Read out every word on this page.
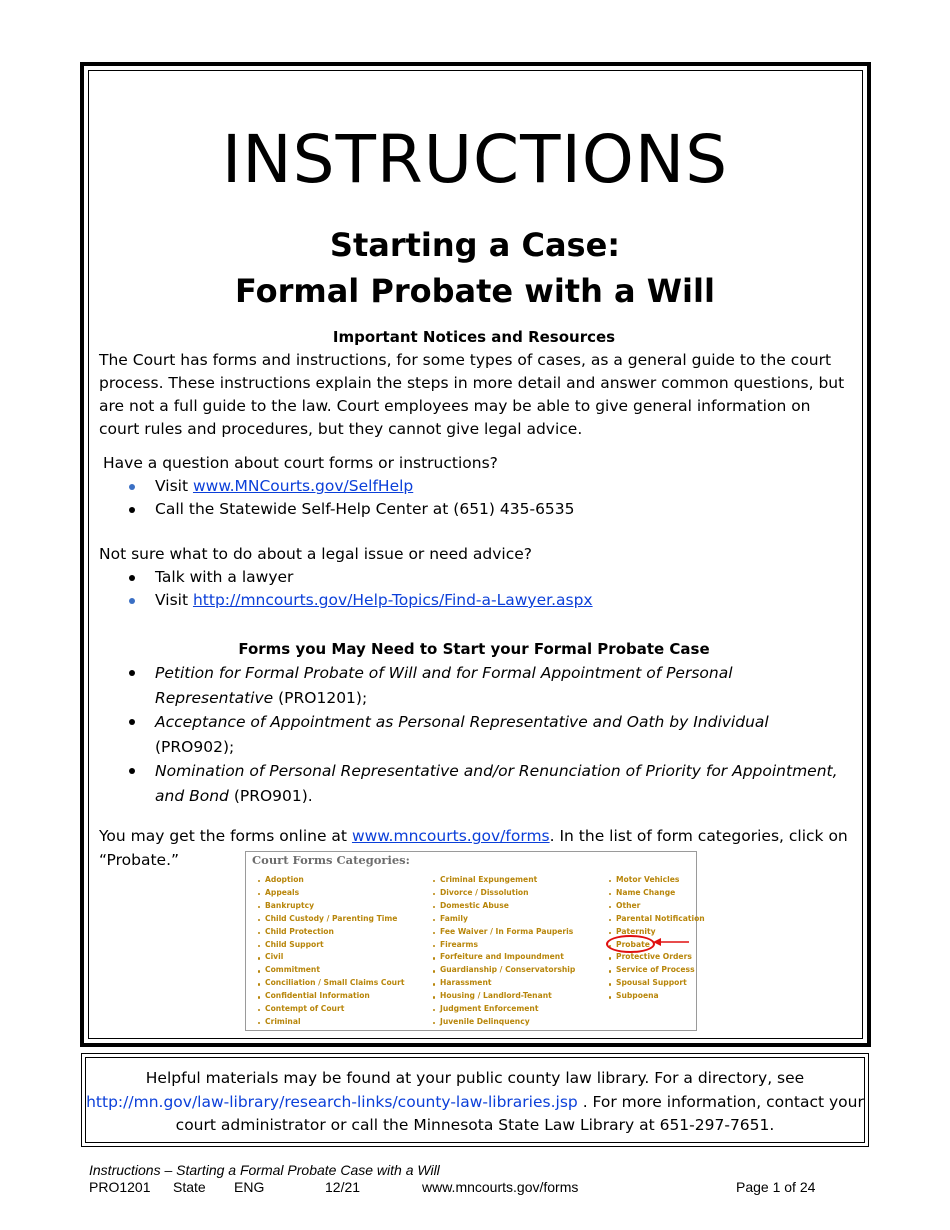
INSTRUCTIONS
Starting a Case:
Formal Probate with a Will
Important Notices and Resources

The Court has forms and instructions, for some types of cases, as a general guide to the court process. These instructions explain the steps in more detail and answer common questions, but are not a full guide to the law. Court employees may be able to give general information on court rules and procedures, but they cannot give legal advice.

Have a question about court forms or instructions?

Visit www.MNCourts.gov/SelfHelp
Call the Statewide Self-Help Center at (651) 435-6535

Not sure what to do about a legal issue or need advice?

Talk with a lawyer
Visit http://mncourts.gov/Help-Topics/Find-a-Lawyer.aspx
Forms you May Need to Start your Formal Probate Case
Petition for Formal Probate of Will and for Formal Appointment of Personal Representative (PRO1201);
Acceptance of Appointment as Personal Representative and Oath by Individual (PRO902);
Nomination of Personal Representative and/or Renunciation of Priority for Appointment, and Bond (PRO901).

You may get the forms online at www.mncourts.gov/forms. In the list of form categories, click on “Probate.”	Court Forms Categories:
Adoption
Appeals
Bankruptcy
Child Custody / Parenting Time
Child Protection
Child Support
Civil
Commitment
Conciliation / Small Claims Court
Confidential Information
Contempt of Court
Criminal
Criminal Expungement
Divorce / Dissolution
Domestic Abuse
Family
Fee Waiver / In Forma Pauperis
Firearms
Forfeiture and Impoundment
Guardianship / Conservatorship
Harassment
Housing / Landlord-Tenant
Judgment Enforcement
Juvenile Delinquency
Motor Vehicles
Name Change
Other
Parental Notification
Paternity
Probate
Protective Orders
Service of Process
Spousal Support
Subpoena
Helpful materials may be found at your public county law library. For a directory, see http://mn.gov/law-library/research-links/county-law-libraries.jsp . For more information, contact your court administrator or call the Minnesota State Law Library at 651-297-7651.
Instructions – Starting a Formal Probate Case with a Will
PRO1201 State ENG	12/21	www.mncourts.gov/forms	Page 1 of 24
